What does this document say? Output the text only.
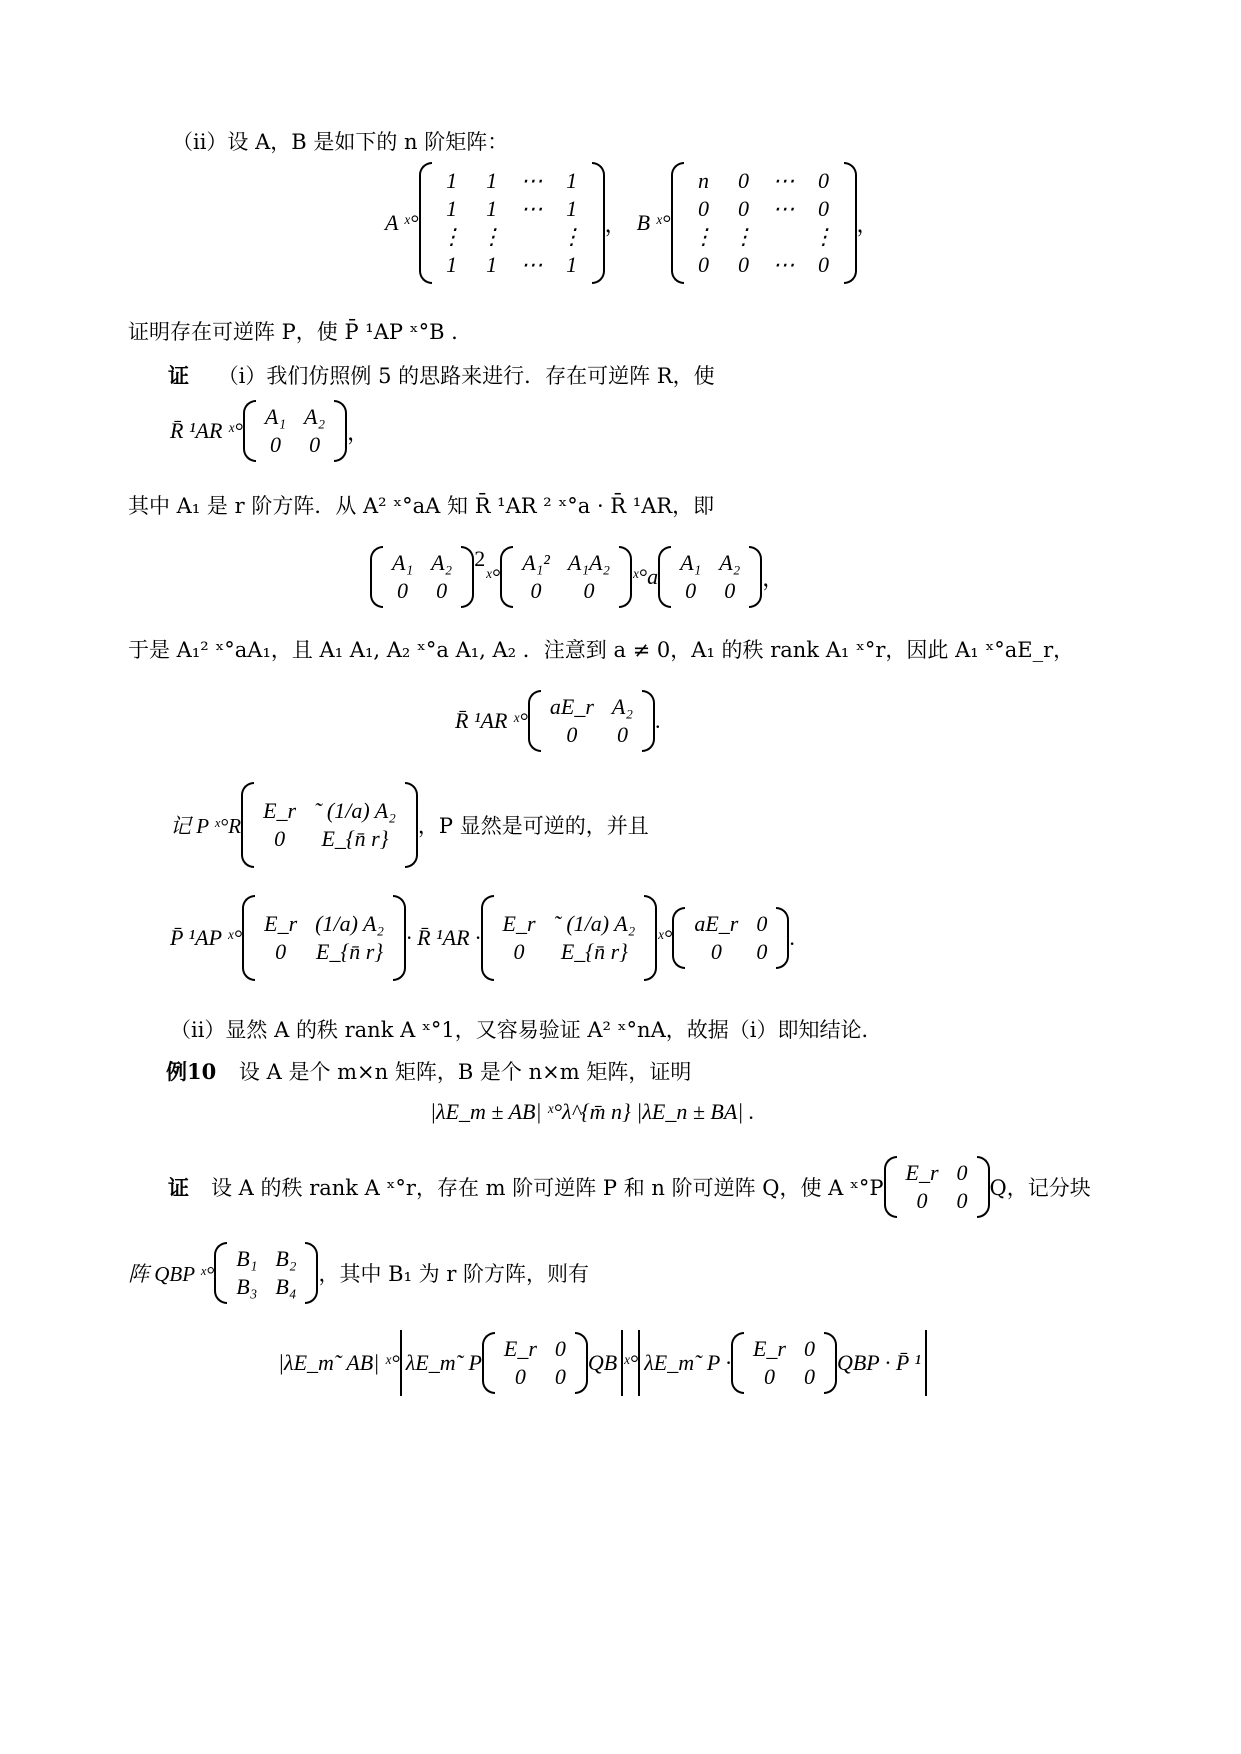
（ii）设 A，B 是如下的 n 阶矩阵：
A ˣ°
1	1	⋯	1
1	1	⋯	1
⋮	⋮		⋮
1	1	⋯	1
， B ˣ°
n	0	⋯	0
0	0	⋯	0
⋮	⋮		⋮
0	0	⋯	0
，
证明存在可逆阵 P，使 P̄ ¹AP ˣ°B .
证 （i）我们仿照例 5 的思路来进行．存在可逆阵 R，使
R̄ ¹AR ˣ°
A₁	A₂
0	0 ，
其中 A₁ 是 r 阶方阵．从 A² ˣ°aA 知 R̄ ¹AR ² ˣ°a · R̄ ¹AR，即
A₁	A₂
0	0
2
ˣ°
A₁²	A₁A₂
0	0
ˣ°a
A₁	A₂
0	0 ，
于是 A₁² ˣ°aA₁，且 A₁ A₁, A₂ ˣ°a A₁, A₂ ．注意到 a ≠ 0，A₁ 的秩 rank A₁ ˣ°r，因此 A₁ ˣ°aE_r，
R̄ ¹AR ˣ°
aE_r	A₂
0	0
.
记 P ˣ°R
E_r	˜ (1/a) A₂
0	E_{n̄ r} ，P 显然是可逆的，并且
P̄ ¹AP ˣ°
E_r	(1/a) A₂
0	E_{n̄ r}
· R̄ ¹AR ·
E_r	˜ (1/a) A₂
0	E_{n̄ r}
ˣ°
aE_r	0
0	0
.
（ii）显然 A 的秩 rank A ˣ°1，又容易验证 A² ˣ°nA，故据（i）即知结论．
例10 设 A 是个 m×n 矩阵，B 是个 n×m 矩阵，证明
|λE_m ± AB| ˣ°λ^{m̄ n} |λE_n ± BA| .
证 设 A 的秩 rank A ˣ°r，存在 m 阶可逆阵 P 和 n 阶可逆阵 Q，使 A ˣ°P
E_r	0
0	0 Q，记分块
阵 QBP ˣ°
B₁	B₂
B₃	B₄ ，其中 B₁ 为 r 阶方阵，则有
|λE_m˜ AB| ˣ° λE_m˜ P
E_r	0
0	0
QB ˣ° λE_m˜ P ·
E_r	0
0	0
QBP · P̄ ¹
